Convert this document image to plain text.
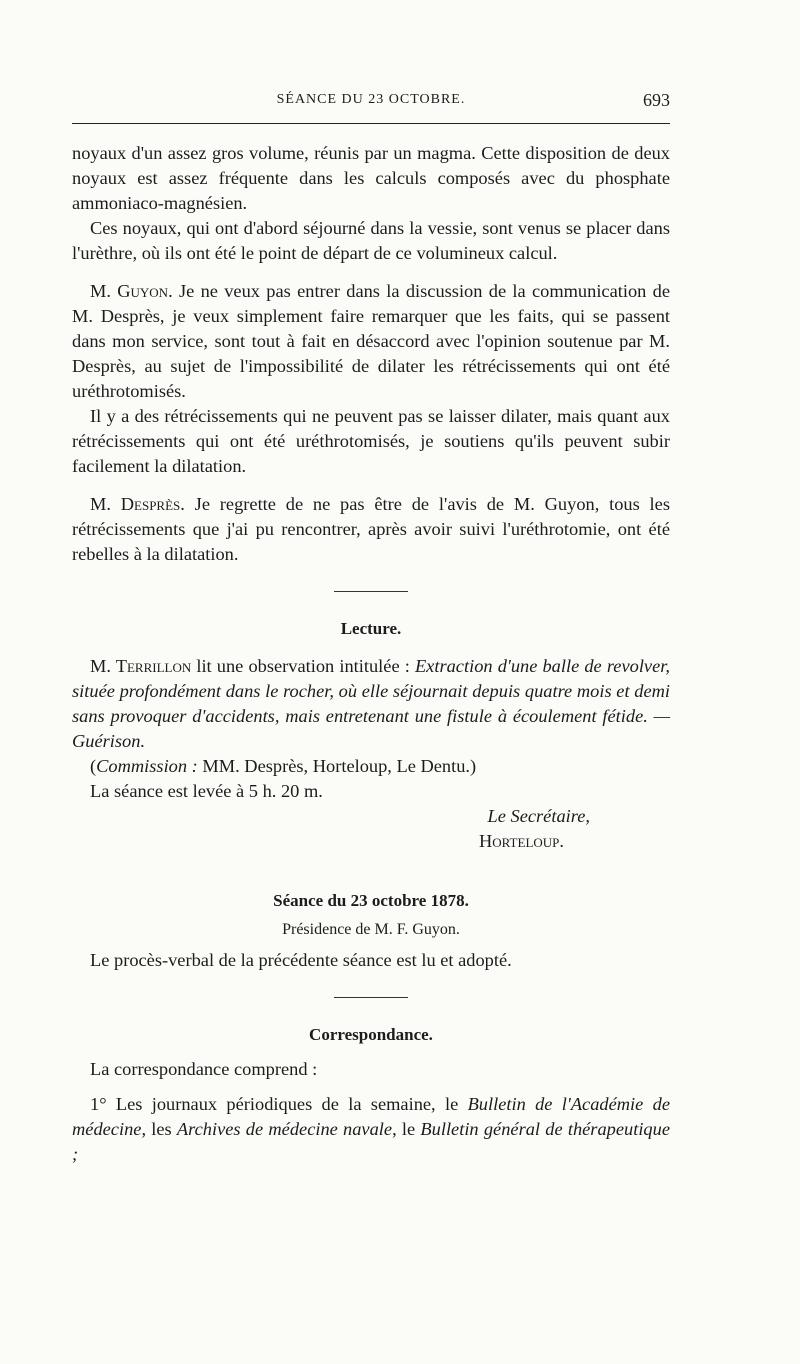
SÉANCE DU 23 OCTOBRE.	693

noyaux d'un assez gros volume, réunis par un magma. Cette disposition de deux noyaux est assez fréquente dans les calculs composés avec du phosphate ammoniaco-magnésien.

Ces noyaux, qui ont d'abord séjourné dans la vessie, sont venus se placer dans l'urèthre, où ils ont été le point de départ de ce volumineux calcul.

M. Guyon. Je ne veux pas entrer dans la discussion de la communication de M. Desprès, je veux simplement faire remarquer que les faits, qui se passent dans mon service, sont tout à fait en désaccord avec l'opinion soutenue par M. Desprès, au sujet de l'impossibilité de dilater les rétrécissements qui ont été uréthrotomisés.

Il y a des rétrécissements qui ne peuvent pas se laisser dilater, mais quant aux rétrécissements qui ont été uréthrotomisés, je soutiens qu'ils peuvent subir facilement la dilatation.

M. Desprès. Je regrette de ne pas être de l'avis de M. Guyon, tous les rétrécissements que j'ai pu rencontrer, après avoir suivi l'uréthrotomie, ont été rebelles à la dilatation.

Lecture.

M. Terrillon lit une observation intitulée : Extraction d'une balle de revolver, située profondément dans le rocher, où elle séjournait depuis quatre mois et demi sans provoquer d'accidents, mais entretenant une fistule à écoulement fétide. — Guérison.

(Commission : MM. Desprès, Horteloup, Le Dentu.)

La séance est levée à 5 h. 20 m.

Le Secrétaire,

Horteloup.

Séance du 23 octobre 1878.

Présidence de M. F. Guyon.

Le procès-verbal de la précédente séance est lu et adopté.

Correspondance.

La correspondance comprend :

1° Les journaux périodiques de la semaine, le Bulletin de l'Académie de médecine, les Archives de médecine navale, le Bulletin général de thérapeutique ;
